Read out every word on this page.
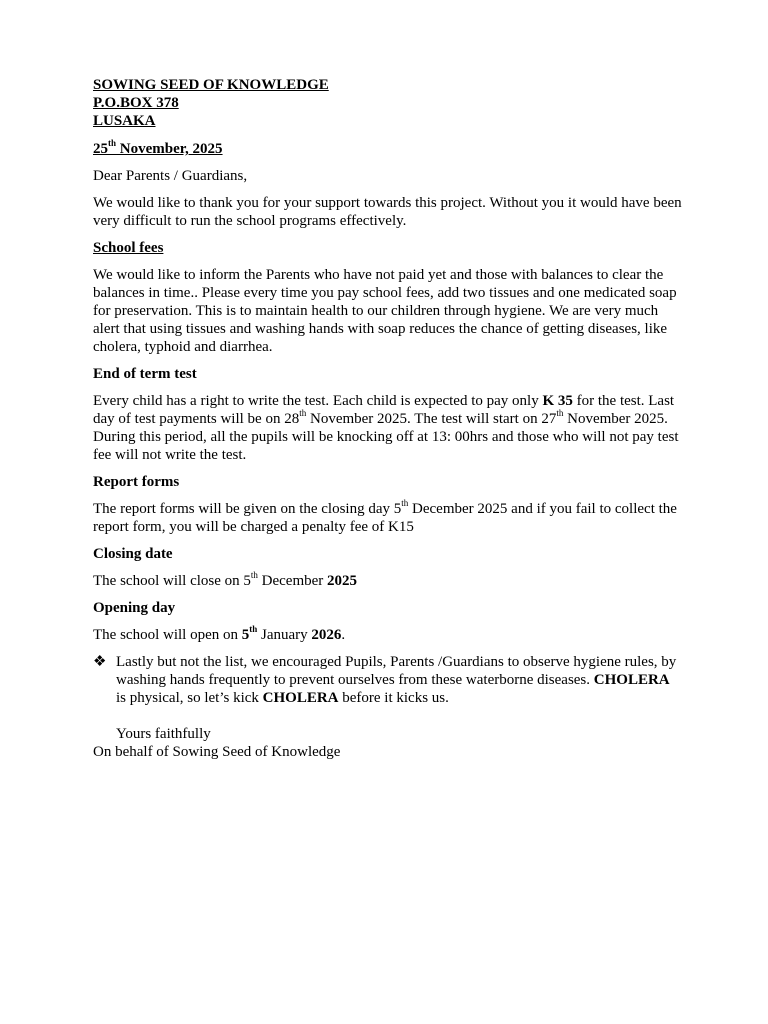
SOWING SEED OF KNOWLEDGE

P.O.BOX 378

LUSAKA

25th November, 2025

Dear Parents / Guardians,

We would like to thank you for your support towards this project. Without you it would have been very difficult to run the school programs effectively.

School fees

We would like to inform the Parents who have not paid yet and those with balances to clear the balances in time.. Please every time you pay school fees, add two tissues and one medicated soap for preservation. This is to maintain health to our children through hygiene. We are very much alert that using tissues and washing hands with soap reduces the chance of getting diseases, like cholera, typhoid and diarrhea.

End of term test

Every child has a right to write the test. Each child is expected to pay only K 35 for the test. Last day of test payments will be on 28th November 2025. The test will start on 27th November 2025. During this period, all the pupils will be knocking off at 13: 00hrs and those who will not pay test fee will not write the test.

Report forms

The report forms will be given on the closing day 5th December 2025 and if you fail to collect the report form, you will be charged a penalty fee of K15

Closing date

The school will close on 5th December 2025

Opening day

The school will open on 5th January 2026.

❖ Lastly but not the list, we encouraged Pupils, Parents /Guardians to observe hygiene rules, by washing hands frequently to prevent ourselves from these waterborne diseases. CHOLERA is physical, so let’s kick CHOLERA before it kicks us.

Yours faithfully

On behalf of Sowing Seed of Knowledge
